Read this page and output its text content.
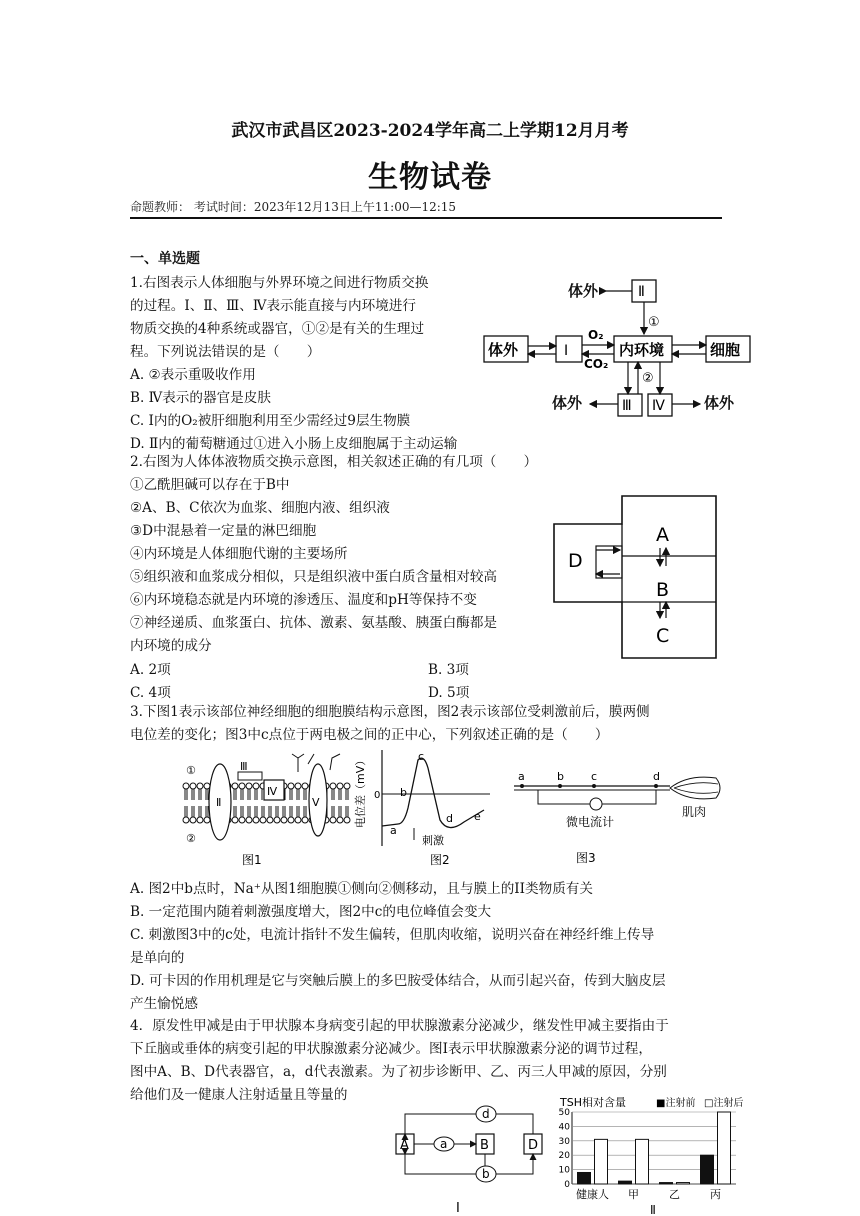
武汉市武昌区2023-2024学年高二上学期12月月考
生物试卷
命题教师： 考试时间：2023年12月13日上午11:00—12:15
一、单选题
1.右图表示人体细胞与外界环境之间进行物质交换
的过程。Ⅰ、Ⅱ、Ⅲ、Ⅳ表示能直接与内环境进行
物质交换的4种系统或器官，①②是有关的生理过
程。下列说法错误的是（　　）
A. ②表示重吸收作用
B. Ⅳ表示的器官是皮肤
C. Ⅰ内的O₂被肝细胞利用至少需经过9层生物膜
D. Ⅱ内的葡萄糖通过①进入小肠上皮细胞属于主动运输
体外
体外	体外
Ⅱ
①
体外	Ⅰ
O₂
CO₂
内环境	细胞
②
Ⅲ Ⅳ
2.右图为人体体液物质交换示意图，相关叙述正确的有几项（　　）
①乙酰胆碱可以存在于B中
②A、B、C依次为血浆、细胞内液、组织液
③D中混悬着一定量的淋巴细胞
④内环境是人体细胞代谢的主要场所
⑤组织液和血浆成分相似，只是组织液中蛋白质含量相对较高
⑥内环境稳态就是内环境的渗透压、温度和pH等保持不变
⑦神经递质、血浆蛋白、抗体、激素、氨基酸、胰蛋白酶都是
内环境的成分
A. 2项	B. 3项
C. 4项	D. 5项
D
A
B
C
3.下图1表示该部位神经细胞的细胞膜结构示意图，图2表示该部位受刺激前后，膜两侧
电位差的变化；图3中c点位于两电极之间的正中心，下列叙述正确的是（　　）
①
②
Ⅱ
Ⅲ
Ⅳ
Ⅴ
图1
电位差（mV） 0
a
b
c
d e
刺激
图2
a	b c	d
微电流计
肌肉
图3
A. 图2中b点时，Na⁺从图1细胞膜①侧向②侧移动，且与膜上的II类物质有关
B. 一定范围内随着刺激强度增大，图2中c的电位峰值会变大
C. 刺激图3中的c处，电流计指针不发生偏转，但肌肉收缩，说明兴奋在神经纤维上传导
是单向的
D. 可卡因的作用机理是它与突触后膜上的多巴胺受体结合，从而引起兴奋，传到大脑皮层
产生愉悦感
4．原发性甲减是由于甲状腺本身病变引起的甲状腺激素分泌减少，继发性甲减主要指由于
下丘脑或垂体的病变引起的甲状腺激素分泌减少。图Ⅰ表示甲状腺激素分泌的调节过程，
图中A、B、D代表器官，a，d代表激素。为了初步诊断甲、乙、丙三人甲减的原因，分别
给他们及一健康人注射适量且等量的
A	B	D
a
d
b
Ⅰ
TSH相对含量	■注射前 □注射后
0
10
20
30
40
50
健康人 甲	乙	丙
Ⅱ
